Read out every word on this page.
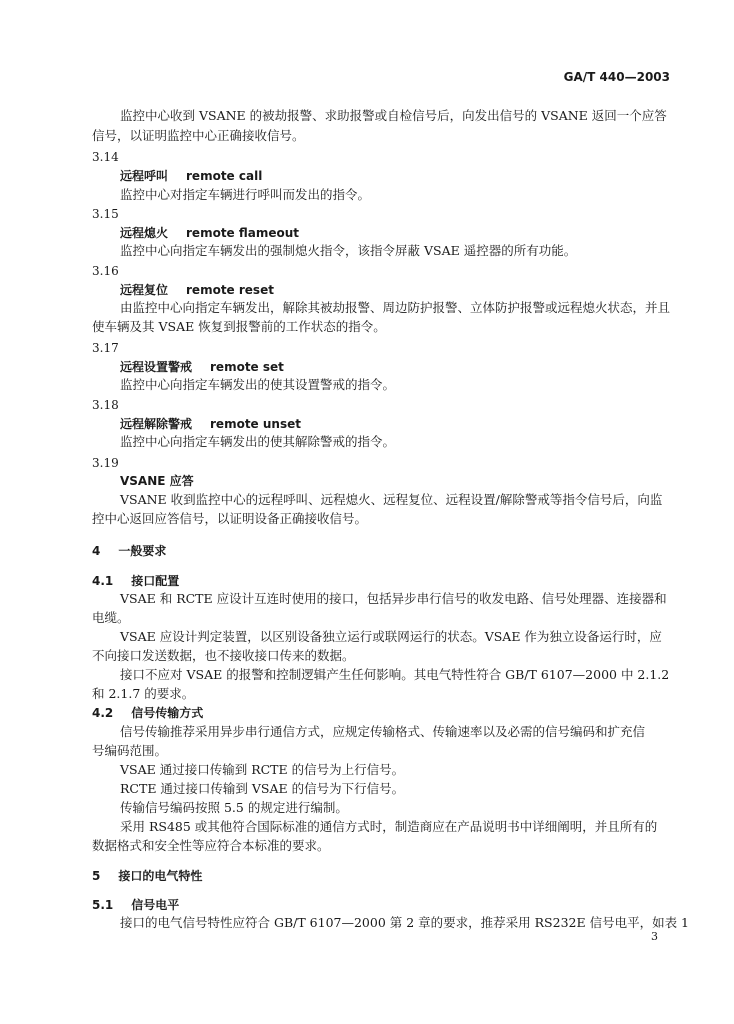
GA/T 440—2003
监控中心收到 VSANE 的被劫报警、求助报警或自检信号后，向发出信号的 VSANE 返回一个应答
信号，以证明监控中心正确接收信号。
3.14
远程呼叫 remote call
监控中心对指定车辆进行呼叫而发出的指令。
3.15
远程熄火 remote flameout
监控中心向指定车辆发出的强制熄火指令，该指令屏蔽 VSAE 遥控器的所有功能。
3.16
远程复位 remote reset
由监控中心向指定车辆发出，解除其被劫报警、周边防护报警、立体防护报警或远程熄火状态，并且
使车辆及其 VSAE 恢复到报警前的工作状态的指令。
3.17
远程设置警戒 remote set
监控中心向指定车辆发出的使其设置警戒的指令。
3.18
远程解除警戒 remote unset
监控中心向指定车辆发出的使其解除警戒的指令。
3.19
VSANE 应答
VSANE 收到监控中心的远程呼叫、远程熄火、远程复位、远程设置/解除警戒等指令信号后，向监
控中心返回应答信号，以证明设备正确接收信号。
4 一般要求
4.1 接口配置
VSAE 和 RCTE 应设计互连时使用的接口，包括异步串行信号的收发电路、信号处理器、连接器和
电缆。
VSAE 应设计判定装置，以区别设备独立运行或联网运行的状态。VSAE 作为独立设备运行时，应
不向接口发送数据，也不接收接口传来的数据。
接口不应对 VSAE 的报警和控制逻辑产生任何影响。其电气特性符合 GB/T 6107—2000 中 2.1.2
和 2.1.7 的要求。
4.2 信号传输方式
信号传输推荐采用异步串行通信方式，应规定传输格式、传输速率以及必需的信号编码和扩充信
号编码范围。
VSAE 通过接口传输到 RCTE 的信号为上行信号。
RCTE 通过接口传输到 VSAE 的信号为下行信号。
传输信号编码按照 5.5 的规定进行编制。
采用 RS485 或其他符合国际标准的通信方式时，制造商应在产品说明书中详细阐明，并且所有的
数据格式和安全性等应符合本标准的要求。
5 接口的电气特性
5.1 信号电平
接口的电气信号特性应符合 GB/T 6107—2000 第 2 章的要求，推荐采用 RS232E 信号电平，如表 1
3
